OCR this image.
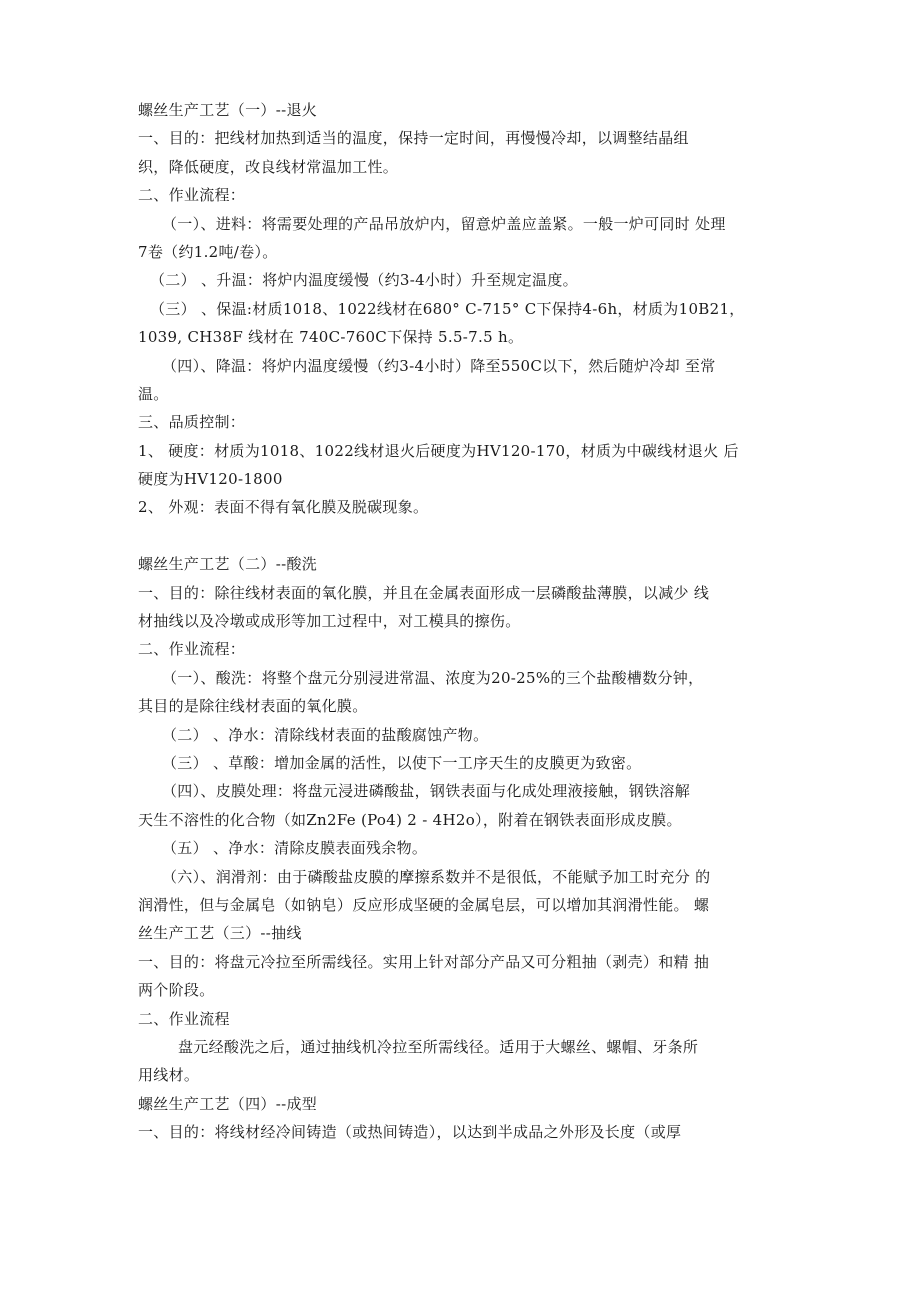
螺丝生产工艺（一）--退火
一、目的：把线材加热到适当的温度，保持一定时间，再慢慢冷却，以调整结晶组
织，降低硬度，改良线材常温加工性。
二、作业流程：
（一）、进料：将需要处理的产品吊放炉内，留意炉盖应盖紧。一般一炉可同时 处理
7卷（约1.2吨/卷）。
（二） 、升温：将炉内温度缓慢（约3-4小时）升至规定温度。
（三） 、保温:材质1018、1022线材在680° C-715° C下保持4-6h，材质为10B21，
1039, CH38F 线材在 740C-760C下保持 5.5-7.5 h。
（四）、降温：将炉内温度缓慢（约3-4小时）降至550C以下，然后随炉冷却 至常
温。
三、品质控制：
1、 硬度：材质为1018、1022线材退火后硬度为HV120-170，材质为中碳线材退火 后
硬度为HV120-1800
2、 外观：表面不得有氧化膜及脱碳现象。
螺丝生产工艺（二）--酸洗
一、目的：除往线材表面的氧化膜，并且在金属表面形成一层磷酸盐薄膜，以减少 线
材抽线以及冷墩或成形等加工过程中，对工模具的擦伤。
二、作业流程：
（一）、酸洗：将整个盘元分别浸进常温、浓度为20-25%的三个盐酸槽数分钟，
其目的是除往线材表面的氧化膜。
（二） 、净水：清除线材表面的盐酸腐蚀产物。
（三） 、草酸：增加金属的活性，以使下一工序天生的皮膜更为致密。
（四）、皮膜处理：将盘元浸进磷酸盐，钢铁表面与化成处理液接触，钢铁溶解
天生不溶性的化合物（如Zn2Fe (Po4) 2 - 4H2o），附着在钢铁表面形成皮膜。
（五） 、净水：清除皮膜表面残余物。
（六）、润滑剂：由于磷酸盐皮膜的摩擦系数并不是很低，不能赋予加工时充分 的
润滑性，但与金属皂（如钠皂）反应形成坚硬的金属皂层，可以增加其润滑性能。 螺
丝生产工艺（三）--抽线
一、目的：将盘元冷拉至所需线径。实用上针对部分产品又可分粗抽（剥壳）和精 抽
两个阶段。
二、作业流程
盘元经酸洗之后，通过抽线机冷拉至所需线径。适用于大螺丝、螺帽、牙条所
用线材。
螺丝生产工艺（四）--成型
一、目的：将线材经冷间铸造（或热间铸造），以达到半成品之外形及长度（或厚
